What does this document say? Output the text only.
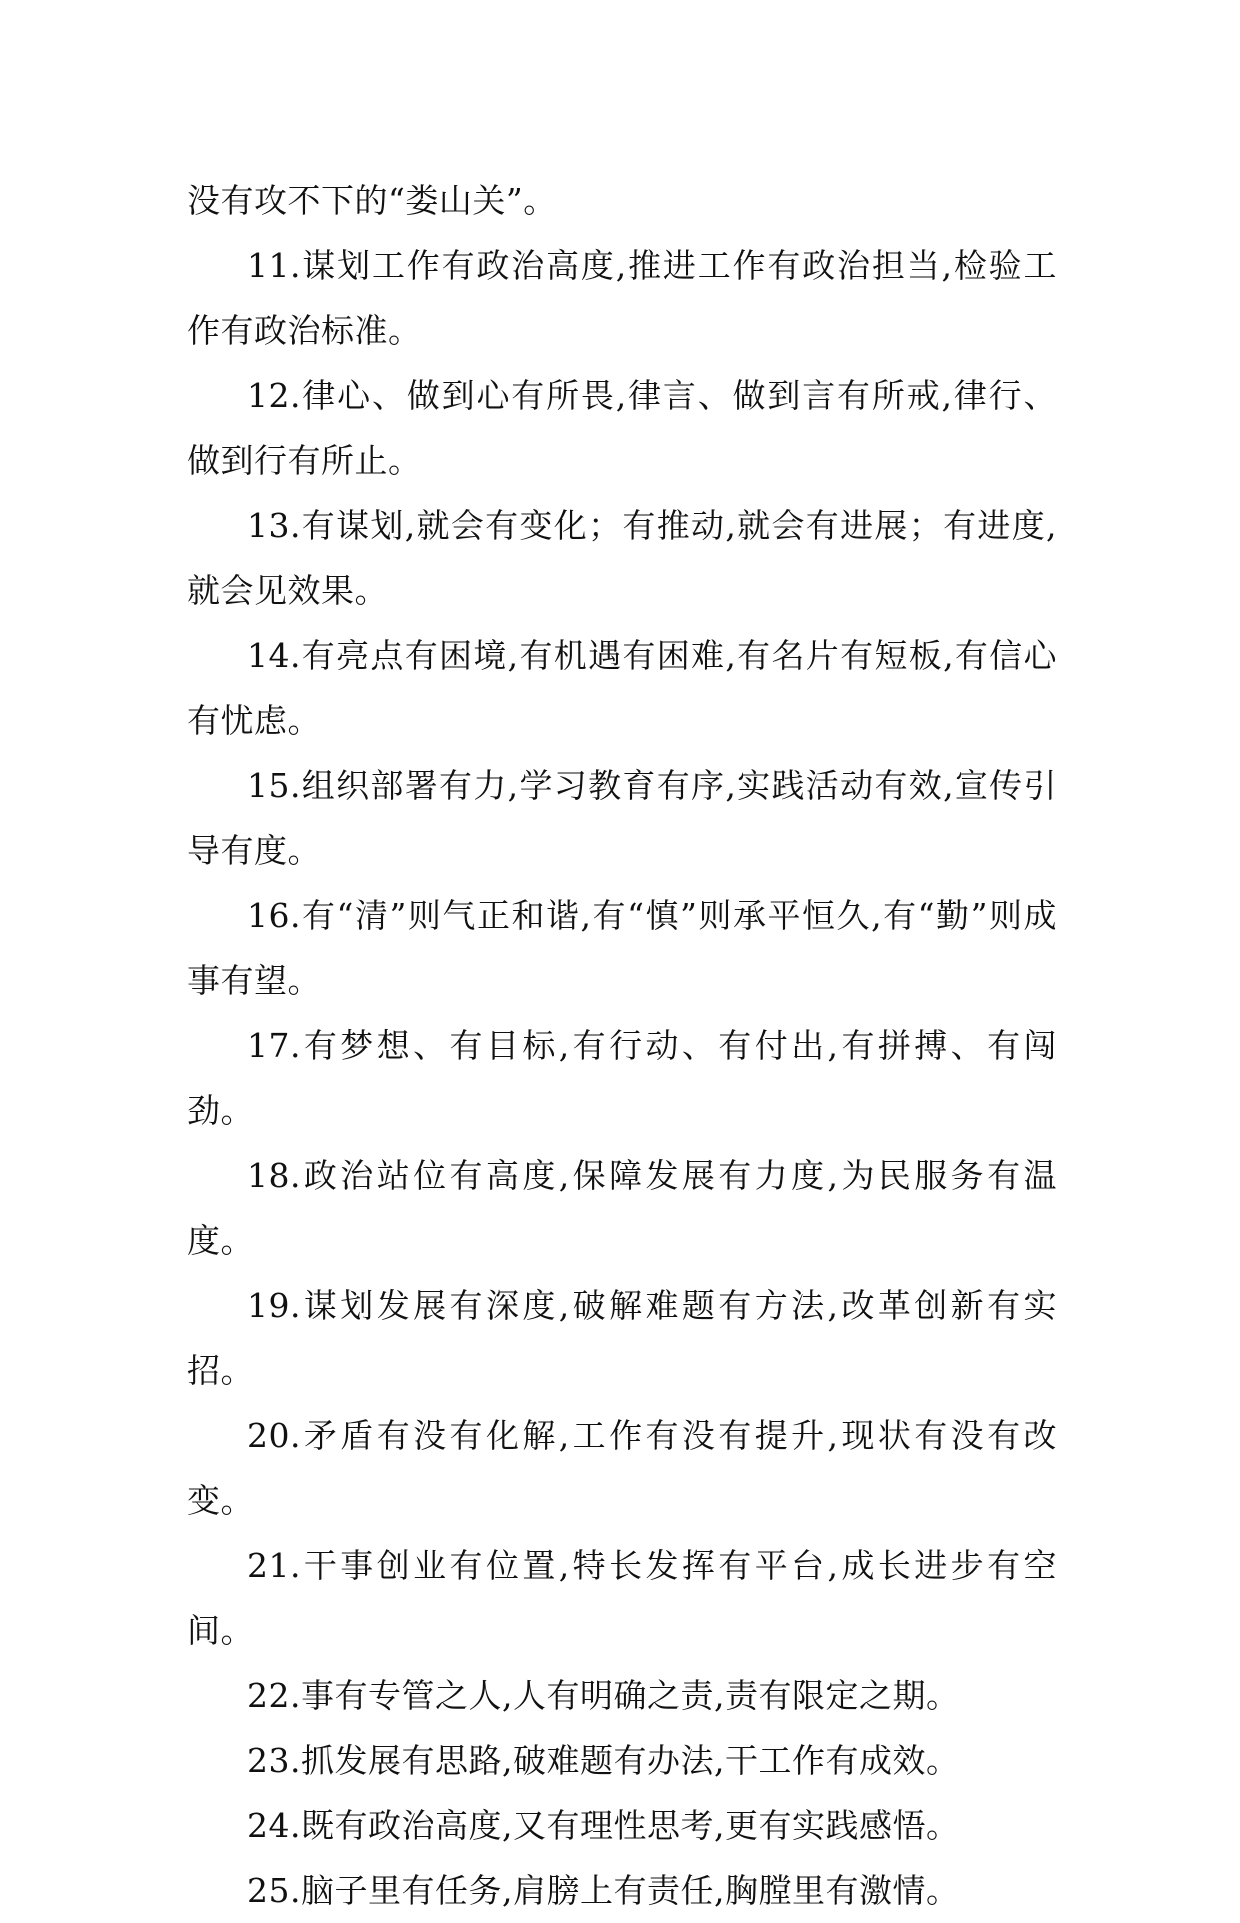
没有攻不下的“娄山关”。

11.谋划工作有政治高度,推进工作有政治担当,检验工作有政治标准。

12.律心、做到心有所畏,律言、做到言有所戒,律行、做到行有所止。

13.有谋划,就会有变化；有推动,就会有进展；有进度,就会见效果。

14.有亮点有困境,有机遇有困难,有名片有短板,有信心有忧虑。

15.组织部署有力,学习教育有序,实践活动有效,宣传引导有度。

16.有“清”则气正和谐,有“慎”则承平恒久,有“勤”则成事有望。

17.有梦想、有目标,有行动、有付出,有拼搏、有闯劲。

18.政治站位有高度,保障发展有力度,为民服务有温度。

19.谋划发展有深度,破解难题有方法,改革创新有实招。

20.矛盾有没有化解,工作有没有提升,现状有没有改变。

21.干事创业有位置,特长发挥有平台,成长进步有空间。

22.事有专管之人,人有明确之责,责有限定之期。

23.抓发展有思路,破难题有办法,干工作有成效。

24.既有政治高度,又有理性思考,更有实践感悟。

25.脑子里有任务,肩膀上有责任,胸膛里有激情。
